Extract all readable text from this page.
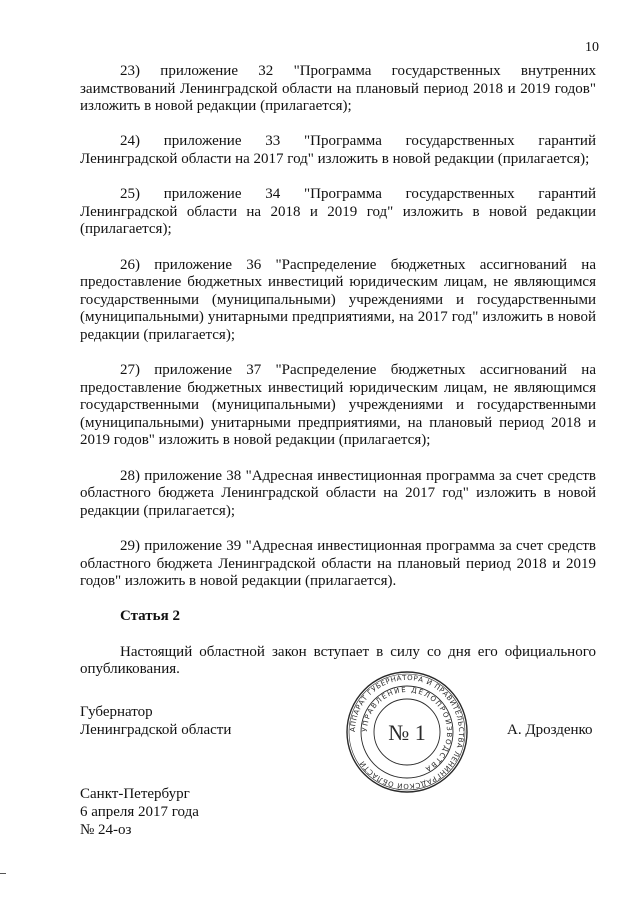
10

23) приложение 32 "Программа государственных внутренних заимствований Ленинградской области на плановый период 2018 и 2019 годов" изложить в новой редакции (прилагается);

24) приложение 33 "Программа государственных гарантий Ленинградской области на 2017 год" изложить в новой редакции (прилагается);

25) приложение 34 "Программа государственных гарантий Ленинградской области на 2018 и 2019 год" изложить в новой редакции (прилагается);

26) приложение 36 "Распределение бюджетных ассигнований на предоставление бюджетных инвестиций юридическим лицам, не являющимся государственными (муниципальными) учреждениями и государственными (муниципальными) унитарными предприятиями, на 2017 год" изложить в новой редакции (прилагается);

27) приложение 37 "Распределение бюджетных ассигнований на предоставление бюджетных инвестиций юридическим лицам, не являющимся государственными (муниципальными) учреждениями и государственными (муниципальными) унитарными предприятиями, на плановый период 2018 и 2019 годов" изложить в новой редакции (прилагается);

28) приложение 38 "Адресная инвестиционная программа за счет средств областного бюджета Ленинградской области на 2017 год" изложить в новой редакции (прилагается);

29) приложение 39 "Адресная инвестиционная программа за счет средств областного бюджета Ленинградской области на плановый период 2018 и 2019 годов" изложить в новой редакции (прилагается).

Статья 2

Настоящий областной закон вступает в силу со дня его официального опубликования.

Губернатор
Ленинградской области	АППАРАТ ГУБЕРНАТОРА И ПРАВИТЕЛЬСТВА ЛЕНИНГРАДСКОЙ ОБЛАСТИ
УПРАВЛЕНИЕ ДЕЛОПРОИЗВОДСТВА
№ 1	А. Дрозденко
Санкт-Петербург
6 апреля 2017 года
№ 24-оз
